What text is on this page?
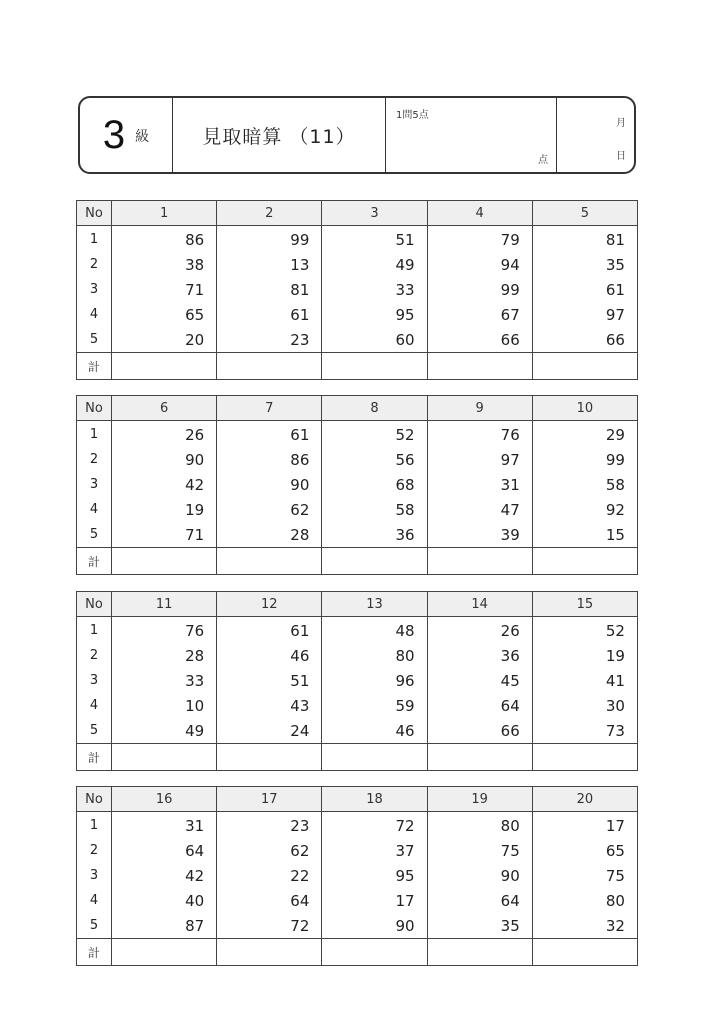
3 級	見取暗算 （11）
1問5点
点
月
日
No	1	2	3	4	5
1	86	99	51	79	81
2	38	13	49	94	35
3	71	81	33	99	61
4	65	61	95	67	97
5	20	23	60	66	66
計					
No	6	7	8	9	10
1	26	61	52	76	29
2	90	86	56	97	99
3	42	90	68	31	58
4	19	62	58	47	92
5	71	28	36	39	15
計					
No	11	12	13	14	15
1	76	61	48	26	52
2	28	46	80	36	19
3	33	51	96	45	41
4	10	43	59	64	30
5	49	24	46	66	73
計					
No	16	17	18	19	20
1	31	23	72	80	17
2	64	62	37	75	65
3	42	22	95	90	75
4	40	64	17	64	80
5	87	72	90	35	32
計					
